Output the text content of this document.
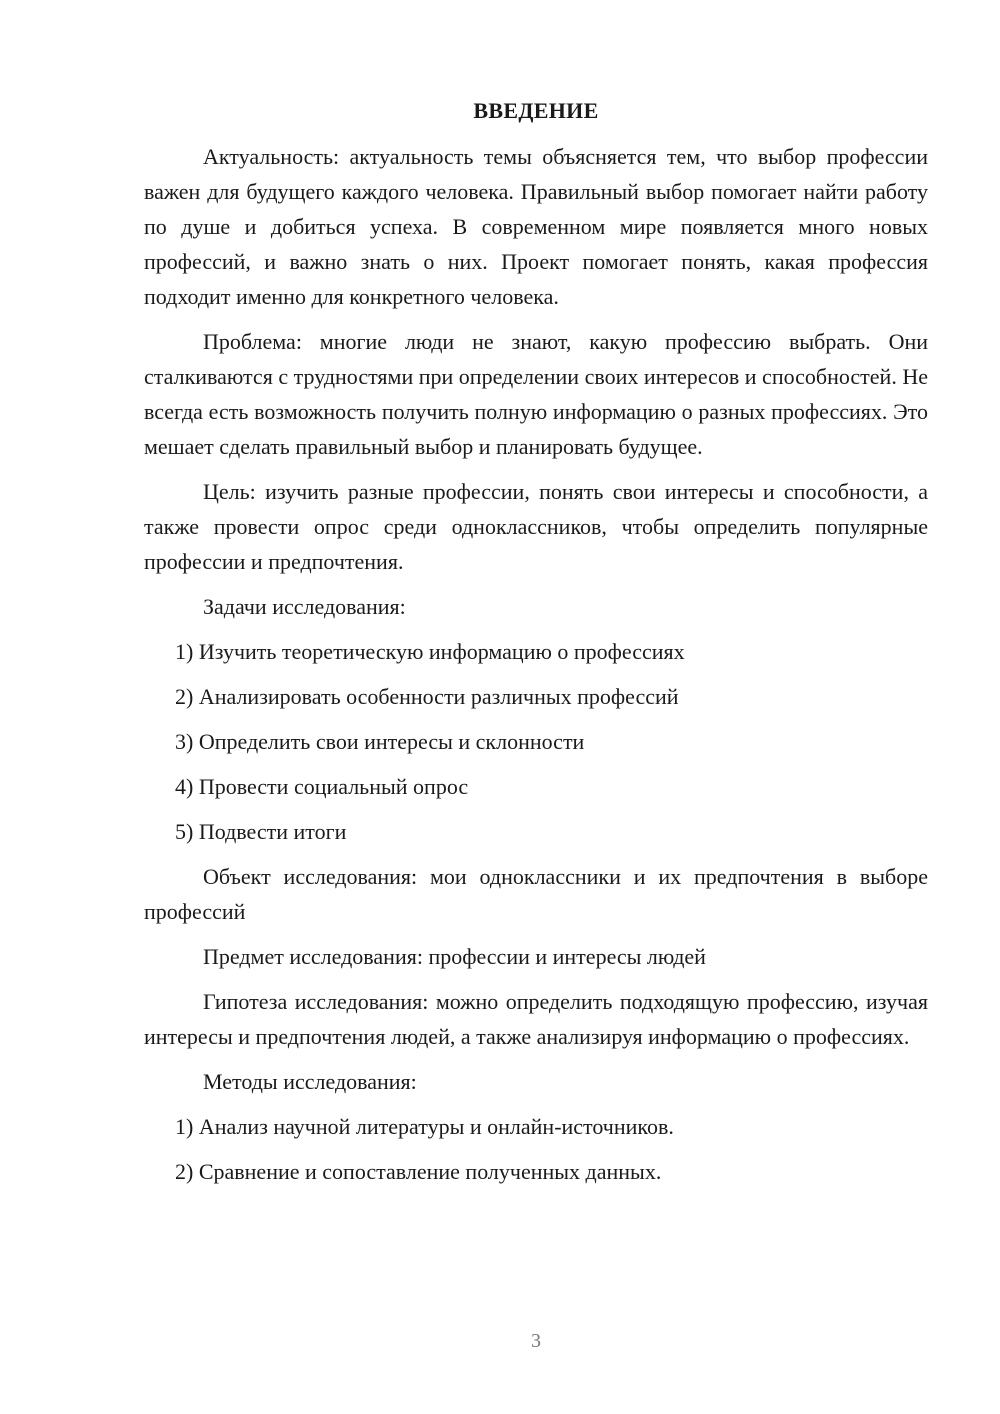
ВВЕДЕНИЕ

Актуальность: актуальность темы объясняется тем, что выбор профессии важен для будущего каждого человека. Правильный выбор помогает найти работу по душе и добиться успеха. В современном мире появляется много новых профессий, и важно знать о них. Проект помогает понять, какая профессия подходит именно для конкретного человека.

Проблема: многие люди не знают, какую профессию выбрать. Они сталкиваются с трудностями при определении своих интересов и способностей. Не всегда есть возможность получить полную информацию о разных профессиях. Это мешает сделать правильный выбор и планировать будущее.

Цель: изучить разные профессии, понять свои интересы и способности, а также провести опрос среди одноклассников, чтобы определить популярные профессии и предпочтения.

Задачи исследования:

1) Изучить теоретическую информацию о профессиях

2) Анализировать особенности различных профессий

3) Определить свои интересы и склонности

4) Провести социальный опрос

5) Подвести итоги

Объект исследования: мои одноклассники и их предпочтения в выборе профессий

Предмет исследования: профессии и интересы людей

Гипотеза исследования: можно определить подходящую профессию, изучая интересы и предпочтения людей, а также анализируя информацию о профессиях.

Методы исследования:

1) Анализ научной литературы и онлайн-источников.

2) Сравнение и сопоставление полученных данных.

3
